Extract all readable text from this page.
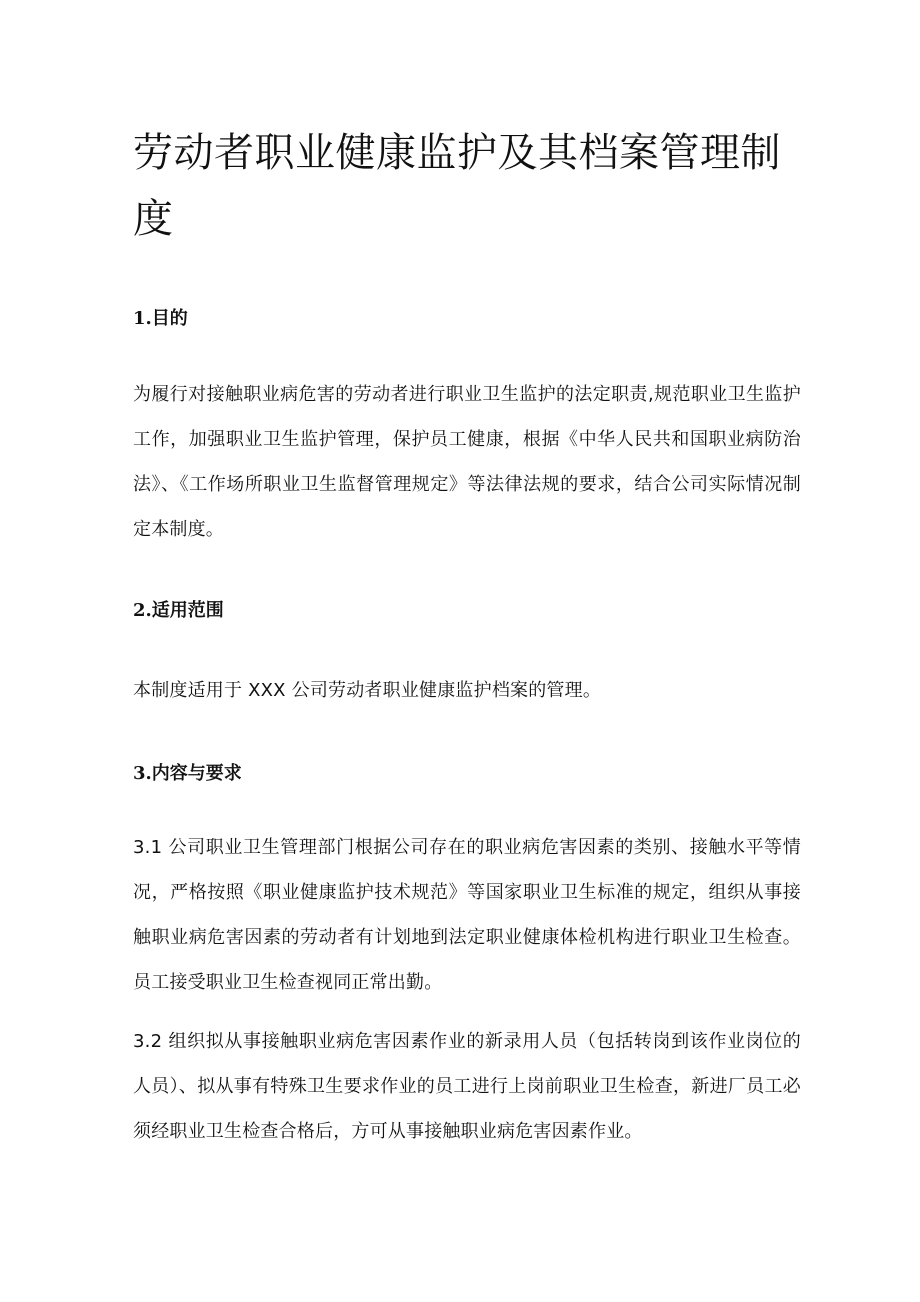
劳动者职业健康监护及其档案管理制度
1.目的

为履行对接触职业病危害的劳动者进行职业卫生监护的法定职责,规范职业卫生监护工作，加强职业卫生监护管理，保护员工健康，根据《中华人民共和国职业病防治法》、《工作场所职业卫生监督管理规定》等法律法规的要求，结合公司实际情况制定本制度。

2.适用范围

本制度适用于 XXX 公司劳动者职业健康监护档案的管理。

3.内容与要求

3.1 公司职业卫生管理部门根据公司存在的职业病危害因素的类别、接触水平等情况，严格按照《职业健康监护技术规范》等国家职业卫生标准的规定，组织从事接触职业病危害因素的劳动者有计划地到法定职业健康体检机构进行职业卫生检查。员工接受职业卫生检查视同正常出勤。

3.2 组织拟从事接触职业病危害因素作业的新录用人员（包括转岗到该作业岗位的人员）、拟从事有特殊卫生要求作业的员工进行上岗前职业卫生检查，新进厂员工必须经职业卫生检查合格后，方可从事接触职业病危害因素作业。
